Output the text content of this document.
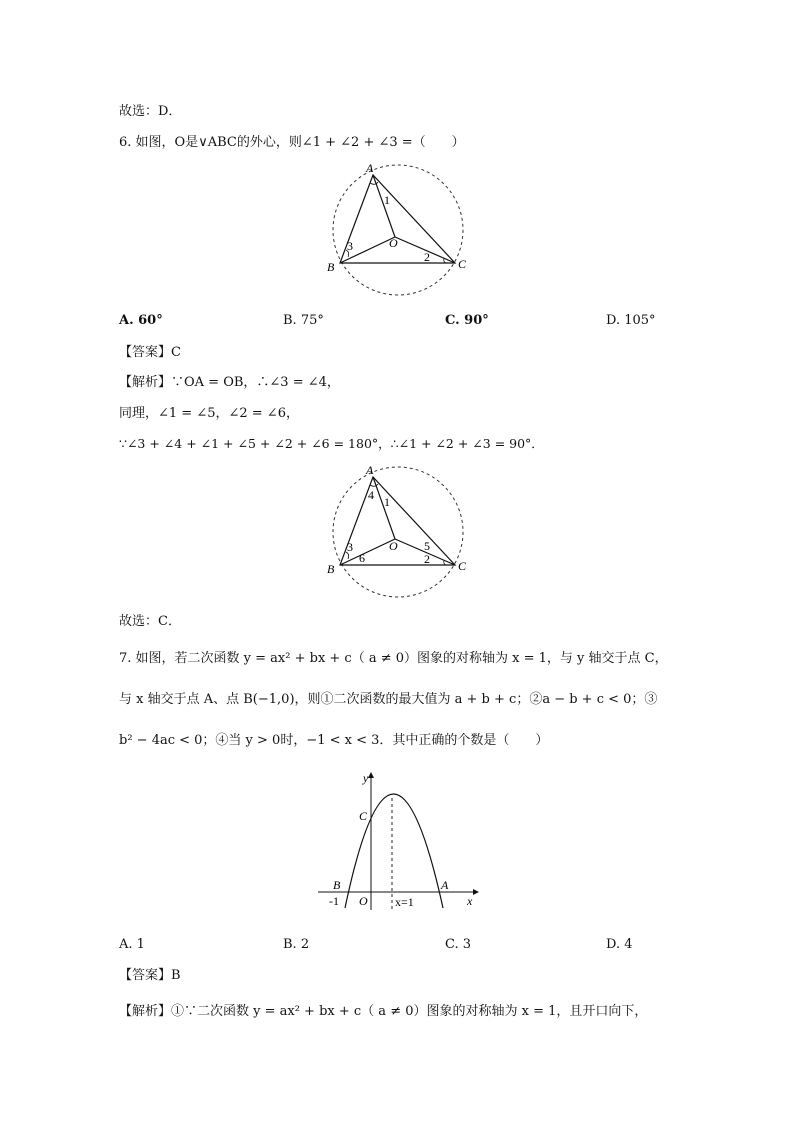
故选：D．
6. 如图，O是∨ABC的外心，则∠1 + ∠2 + ∠3 =（　　）
A
B	C
O
1
2
3
A. 60°	B. 75°	C. 90°	D. 105°
【答案】C
【解析】∵OA = OB，∴∠3 = ∠4，
同理，∠1 = ∠5，∠2 = ∠6，
∵∠3 + ∠4 + ∠1 + ∠5 + ∠2 + ∠6 = 180°，∴∠1 + ∠2 + ∠3 = 90°．
A
B	C
O
1
2
3
4
5
6
故选：C．
7. 如图，若二次函数 y = ax² + bx + c（ a ≠ 0）图象的对称轴为 x = 1，与 y 轴交于点 C，
与 x 轴交于点 A、点 B(−1,0)，则①二次函数的最大值为 a + b + c；②a − b + c < 0；③
b² − 4ac < 0；④当 y > 0时，−1 < x < 3．其中正确的个数是（　　）
y
x
C
B	A
O
-1	x=1
A. 1	B. 2	C. 3	D. 4
【答案】B
【解析】①∵二次函数 y = ax² + bx + c（ a ≠ 0）图象的对称轴为 x = 1，且开口向下，
